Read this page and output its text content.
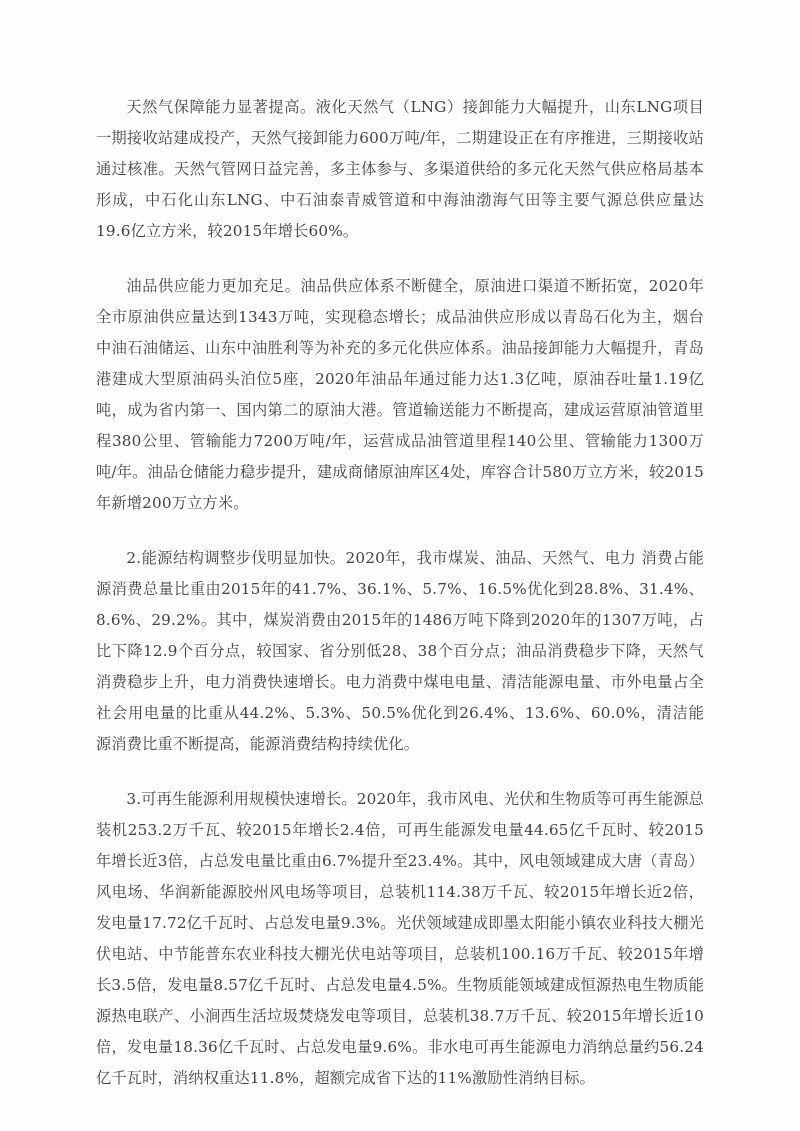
天然气保障能力显著提高。液化天然气（LNG）接卸能力大幅提升，山东LNG项目一期接收站建成投产，天然气接卸能力600万吨/年，二期建设正在有序推进，三期接收站通过核准。天然气管网日益完善，多主体参与、多渠道供给的多元化天然气供应格局基本形成，中石化山东LNG、中石油泰青威管道和中海油渤海气田等主要气源总供应量达19.6亿立方米，较2015年增长60%。

油品供应能力更加充足。油品供应体系不断健全，原油进口渠道不断拓宽，2020年全市原油供应量达到1343万吨，实现稳态增长；成品油供应形成以青岛石化为主，烟台中油石油储运、山东中油胜利等为补充的多元化供应体系。油品接卸能力大幅提升，青岛港建成大型原油码头泊位5座，2020年油品年通过能力达1.3亿吨，原油吞吐量1.19亿吨，成为省内第一、国内第二的原油大港。管道输送能力不断提高，建成运营原油管道里程380公里、管输能力7200万吨/年，运营成品油管道里程140公里、管输能力1300万吨/年。油品仓储能力稳步提升，建成商储原油库区4处，库容合计580万立方米，较2015年新增200万立方米。

2.能源结构调整步伐明显加快。2020年，我市煤炭、油品、天然气、电力 消费占能源消费总量比重由2015年的41.7%、36.1%、5.7%、16.5%优化到28.8%、31.4%、8.6%、29.2%。其中，煤炭消费由2015年的1486万吨下降到2020年的1307万吨，占比下降12.9个百分点，较国家、省分别低28、38个百分点；油品消费稳步下降，天然气消费稳步上升，电力消费快速增长。电力消费中煤电电量、清洁能源电量、市外电量占全社会用电量的比重从44.2%、5.3%、50.5%优化到26.4%、13.6%、60.0%，清洁能源消费比重不断提高，能源消费结构持续优化。

3.可再生能源利用规模快速增长。2020年，我市风电、光伏和生物质等可再生能源总装机253.2万千瓦、较2015年增长2.4倍，可再生能源发电量44.65亿千瓦时、较2015年增长近3倍，占总发电量比重由6.7%提升至23.4%。其中，风电领域建成大唐（青岛）风电场、华润新能源胶州风电场等项目，总装机114.38万千瓦、较2015年增长近2倍，发电量17.72亿千瓦时、占总发电量9.3%。光伏领域建成即墨太阳能小镇农业科技大棚光伏电站、中节能普东农业科技大棚光伏电站等项目，总装机100.16万千瓦、较2015年增长3.5倍，发电量8.57亿千瓦时、占总发电量4.5%。生物质能领域建成恒源热电生物质能源热电联产、小涧西生活垃圾焚烧发电等项目，总装机38.7万千瓦、较2015年增长近10倍，发电量18.36亿千瓦时、占总发电量9.6%。非水电可再生能源电力消纳总量约56.24亿千瓦时，消纳权重达11.8%，超额完成省下达的11%激励性消纳目标。
